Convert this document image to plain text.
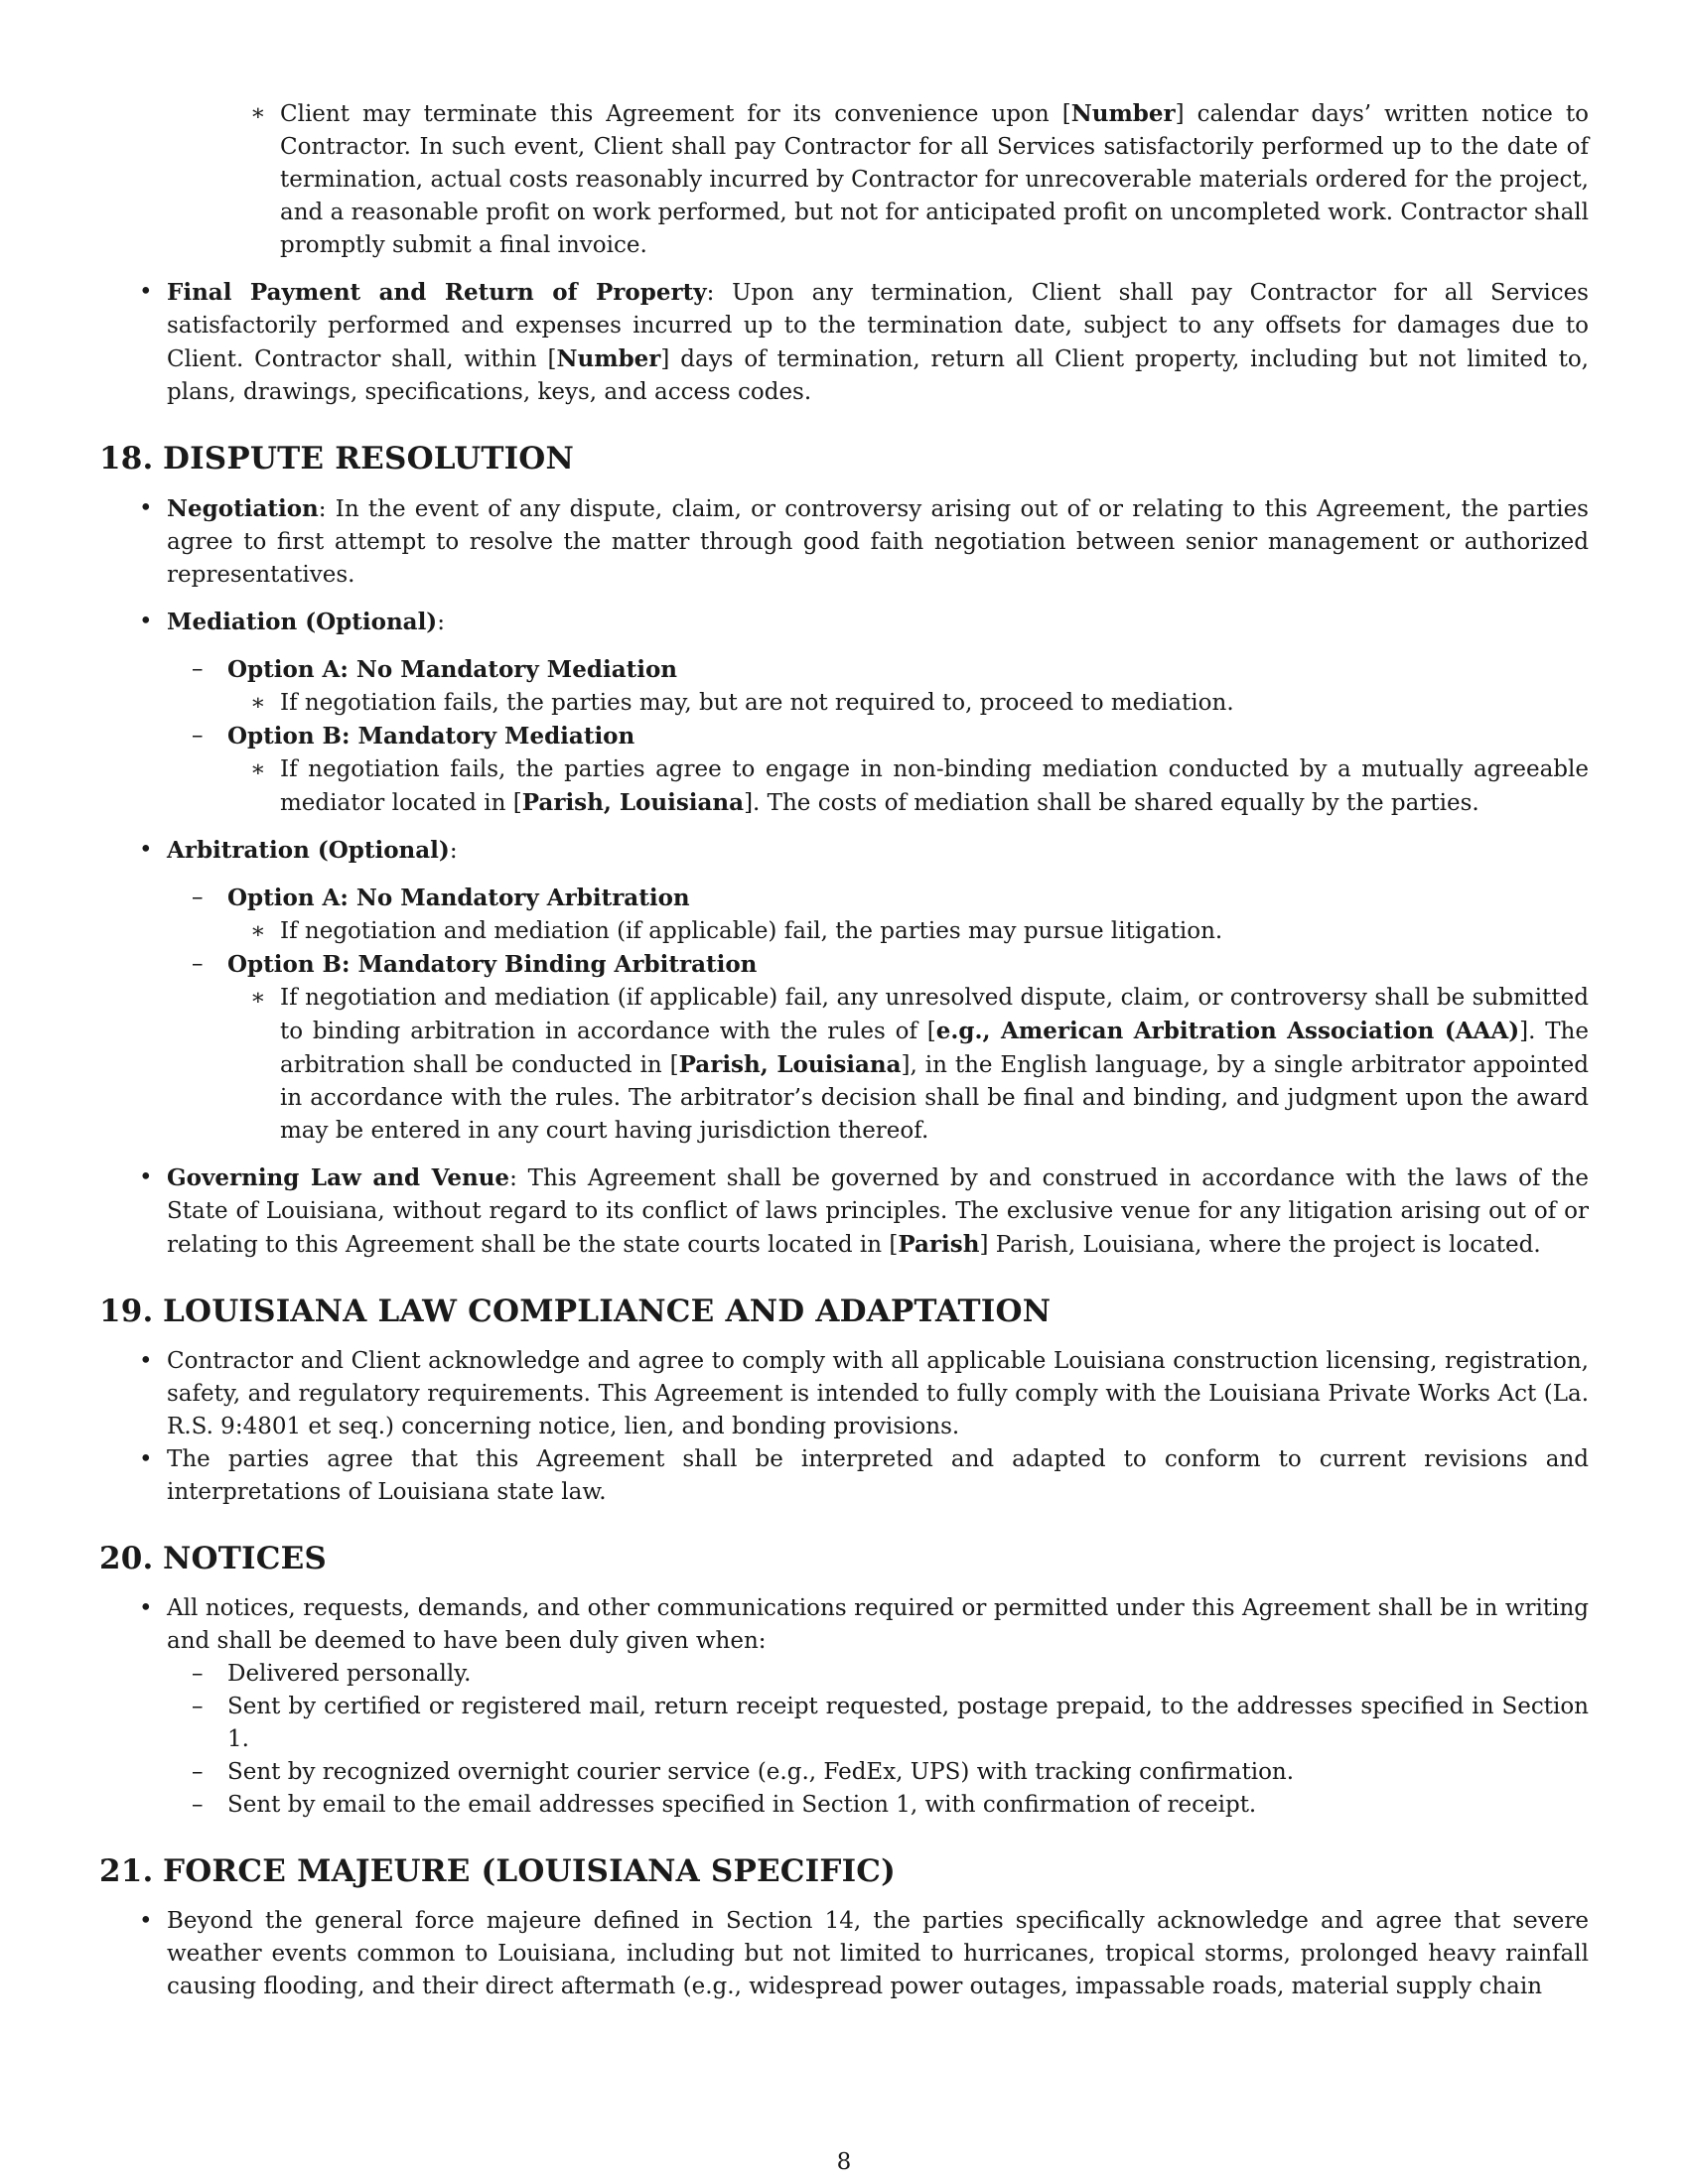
∗ Client may terminate this Agreement for its convenience upon [Number] calendar days’ written notice to Contractor. In such event, Client shall pay Contractor for all Services satisfactorily performed up to the date of termination, actual costs reasonably incurred by Contractor for unrecoverable materials ordered for the project, and a reasonable profit on work performed, but not for anticipated profit on uncompleted work. Contractor shall promptly submit a final invoice.
• Final Payment and Return of Property: Upon any termination, Client shall pay Contractor for all Services satisfactorily performed and expenses incurred up to the termination date, subject to any offsets for damages due to Client. Contractor shall, within [Number] days of termination, return all Client property, including but not limited to, plans, drawings, specifications, keys, and access codes.
18. DISPUTE RESOLUTION
• Negotiation: In the event of any dispute, claim, or controversy arising out of or relating to this Agreement, the parties agree to first attempt to resolve the matter through good faith negotiation between senior management or authorized representatives.
• Mediation (Optional):
– Option A: No Mandatory Mediation
∗ If negotiation fails, the parties may, but are not required to, proceed to mediation.
– Option B: Mandatory Mediation
∗ If negotiation fails, the parties agree to engage in non-binding mediation conducted by a mutually agreeable mediator located in [Parish, Louisiana]. The costs of mediation shall be shared equally by the parties.
• Arbitration (Optional):
– Option A: No Mandatory Arbitration
∗ If negotiation and mediation (if applicable) fail, the parties may pursue litigation.
– Option B: Mandatory Binding Arbitration
∗ If negotiation and mediation (if applicable) fail, any unresolved dispute, claim, or controversy shall be submitted to binding arbitration in accordance with the rules of [e.g., American Arbitration Association (AAA)]. The arbitration shall be conducted in [Parish, Louisiana], in the English language, by a single arbitrator appointed in accordance with the rules. The arbitrator’s decision shall be final and binding, and judgment upon the award may be entered in any court having jurisdiction thereof.
• Governing Law and Venue: This Agreement shall be governed by and construed in accordance with the laws of the State of Louisiana, without regard to its conflict of laws principles. The exclusive venue for any litigation arising out of or relating to this Agreement shall be the state courts located in [Parish] Parish, Louisiana, where the project is located.
19. LOUISIANA LAW COMPLIANCE AND ADAPTATION
• Contractor and Client acknowledge and agree to comply with all applicable Louisiana construction licensing, registration, safety, and regulatory requirements. This Agreement is intended to fully comply with the Louisiana Private Works Act (La. R.S. 9:4801 et seq.) concerning notice, lien, and bonding provisions.
• The parties agree that this Agreement shall be interpreted and adapted to conform to current revisions and interpretations of Louisiana state law.
20. NOTICES
• All notices, requests, demands, and other communications required or permitted under this Agreement shall be in writing and shall be deemed to have been duly given when:
– Delivered personally.
– Sent by certified or registered mail, return receipt requested, postage prepaid, to the addresses specified in Section 1.
– Sent by recognized overnight courier service (e.g., FedEx, UPS) with tracking confirmation.
– Sent by email to the email addresses specified in Section 1, with confirmation of receipt.
21. FORCE MAJEURE (LOUISIANA SPECIFIC)
• Beyond the general force majeure defined in Section 14, the parties specifically acknowledge and agree that severe weather events common to Louisiana, including but not limited to hurricanes, tropical storms, prolonged heavy rainfall causing flooding, and their direct aftermath (e.g., widespread power outages, impassable roads, material supply chain
8
